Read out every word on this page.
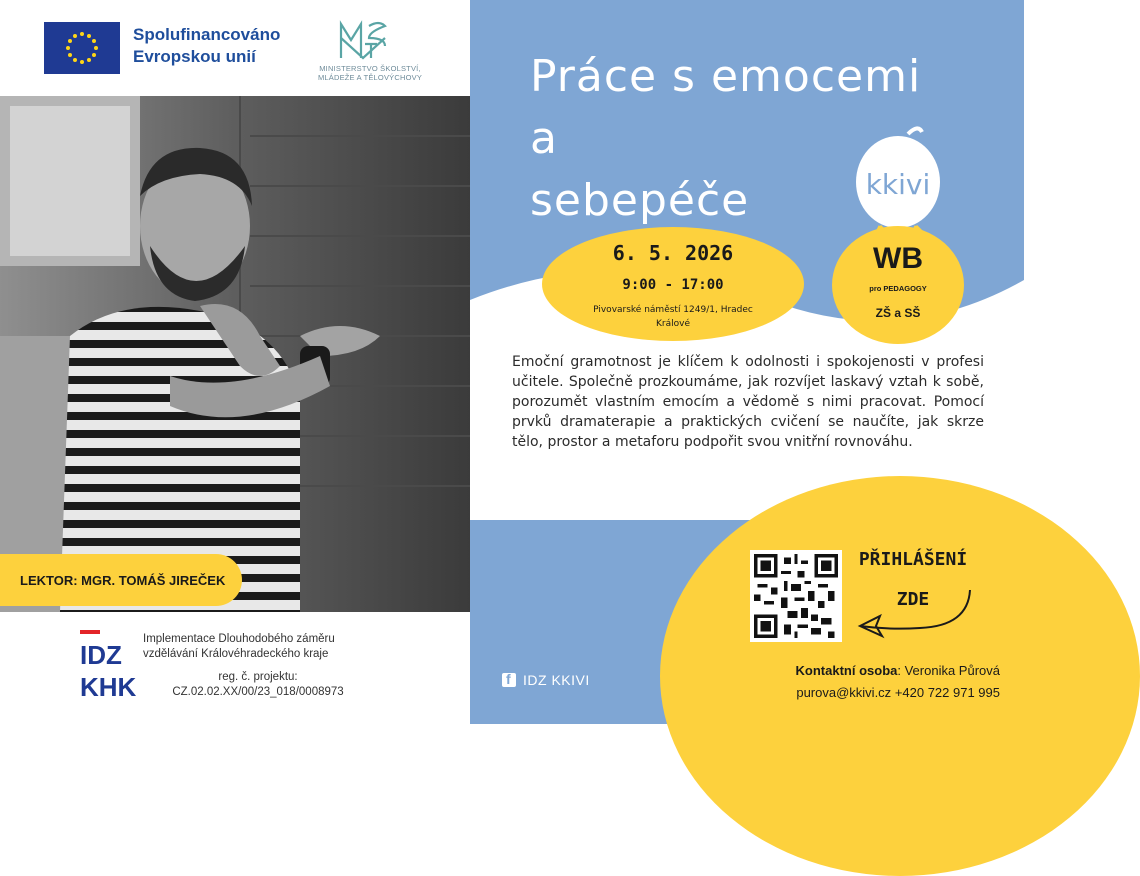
Spolufinancováno
Evropskou unií
MINISTERSTVO ŠKOLSTVÍ,
MLÁDEŽE A TĚLOVÝCHOVY
LEKTOR: MGR. TOMÁŠ JIREČEK
IDZ
KHK
Implementace Dlouhodobého záměru
vzdělávání Královéhradeckého kraje
reg. č. projektu:
CZ.02.02.XX/00/23_018/0008973
Práce s emocemi a
sebepéče	kkivi
6. 5. 2026
9:00 - 17:00
Pivovarské náměstí 1249/1, Hradec Králové
WB
pro PEDAGOGY
ZŠ a SŠ
Emoční gramotnost je klíčem k odolnosti i spokojenosti v profesi učitele. Společně prozkoumáme, jak rozvíjet laskavý vztah k sobě, porozumět vlastním emocím a vědomě s nimi pracovat. Pomocí prvků dramaterapie a praktických cvičení se naučíte, jak skrze tělo, prostor a metaforu podpořit svou vnitřní rovnováhu.
PŘIHLÁŠENÍ
ZDE
Kontaktní osoba: Veronika Půrová
purova@kkivi.cz +420 722 971 995
f
IDZ KKIVI
